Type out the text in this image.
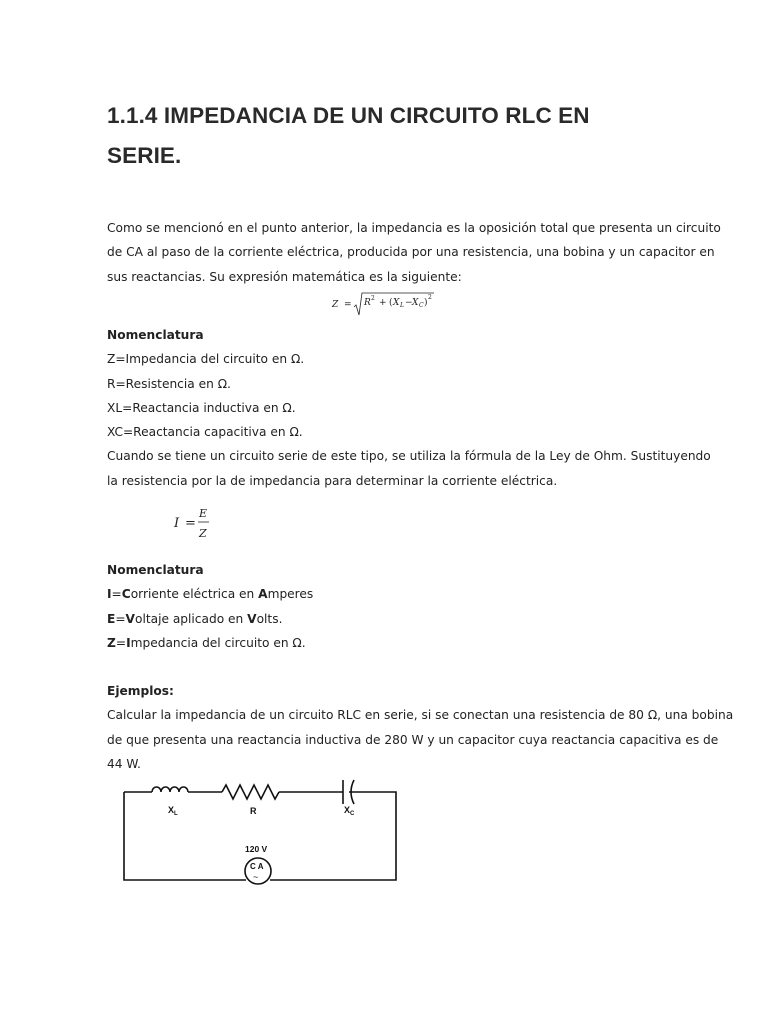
1.1.4 IMPEDANCIA DE UN CIRCUITO RLC EN SERIE.
Como se mencionó en el punto anterior, la impedancia es la oposición total que presenta un circuito
de CA al paso de la corriente eléctrica, producida por una resistencia, una bobina y un capacitor en
sus reactancias. Su expresión matemática es la siguiente:
Z = R 2 + ( X L − X C )
2
Nomenclatura
Z=Impedancia del circuito en Ω.
R=Resistencia en Ω.
XL=Reactancia inductiva en Ω.
XC=Reactancia capacitiva en Ω.
Cuando se tiene un circuito serie de este tipo, se utiliza la fórmula de la Ley de Ohm. Sustituyendo
la resistencia por la de impedancia para determinar la corriente eléctrica.
I =
E
Z
Nomenclatura
I=Corriente eléctrica en Amperes
E=Voltaje aplicado en Volts.
Z=Impedancia del circuito en Ω.
Ejemplos:
Calcular la impedancia de un circuito RLC en serie, si se conectan una resistencia de 80 Ω, una bobina
de que presenta una reactancia inductiva de 280 W y un capacitor cuya reactancia capacitiva es de
44 W.
$X_L$	R	$X_C$
120 V
C A
~
